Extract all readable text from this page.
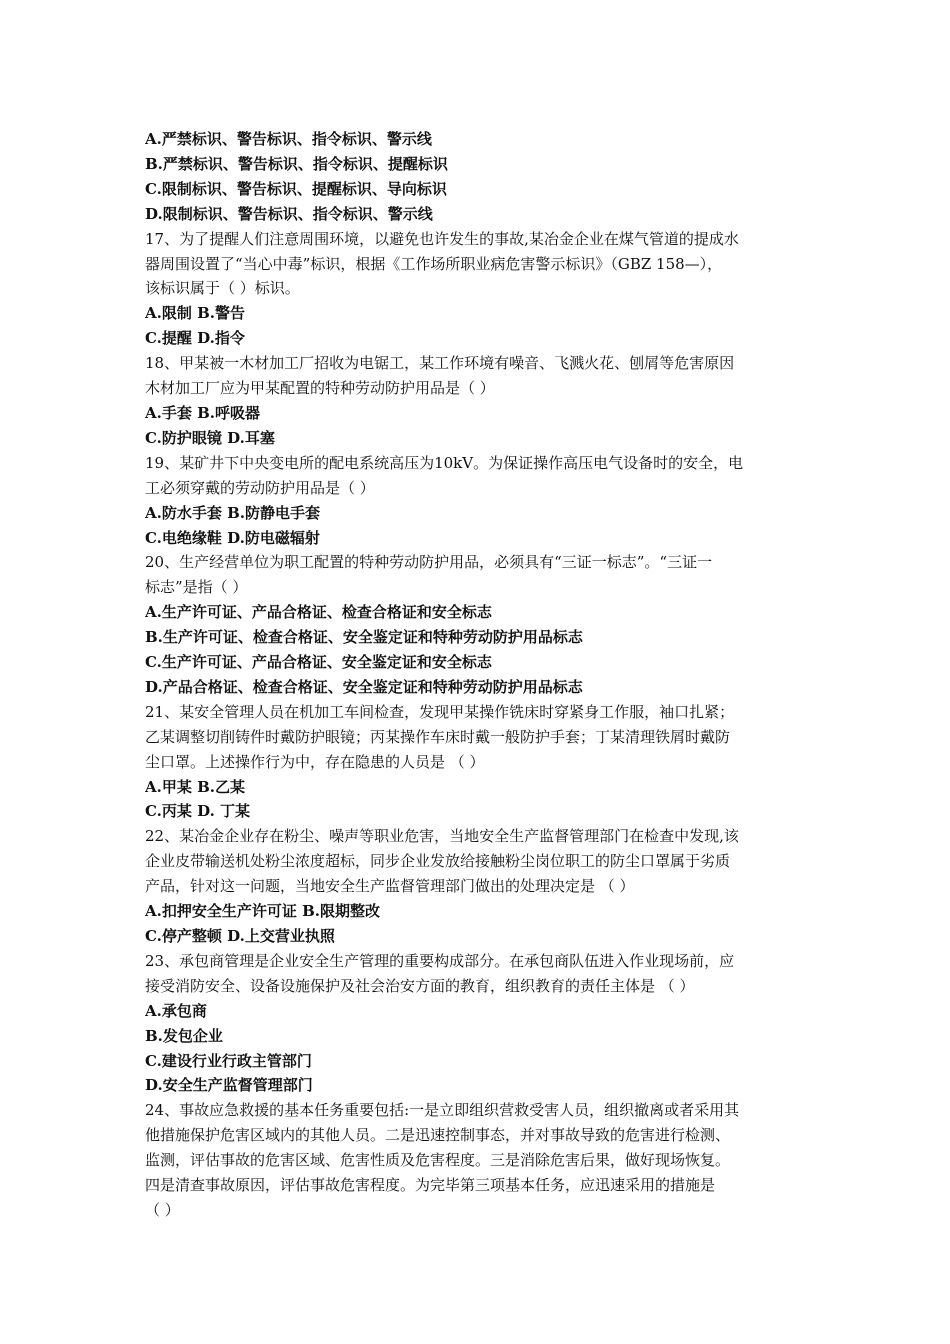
A.严禁标识、警告标识、指令标识、警示线
B.严禁标识、警告标识、指令标识、提醒标识
C.限制标识、警告标识、提醒标识、导向标识
D.限制标识、警告标识、指令标识、警示线
17、为了提醒人们注意周围环境，以避免也许发生的事故,某冶金企业在煤气管道的提成水
器周围设置了“当心中毒”标识，根据《工作场所职业病危害警示标识》（GBZ 158—），
该标识属于（ ）标识。
A.限制 B.警告
C.提醒 D.指令
18、甲某被一木材加工厂招收为电锯工，某工作环境有噪音、飞溅火花、刨屑等危害原因
木材加工厂应为甲某配置的特种劳动防护用品是（ ）
A.手套 B.呼吸器
C.防护眼镜 D.耳塞
19、某矿井下中央变电所的配电系统高压为10kV。为保证操作高压电气设备时的安全，电
工必须穿戴的劳动防护用品是（ ）
A.防水手套 B.防静电手套
C.电绝缘鞋 D.防电磁辐射
20、生产经营单位为职工配置的特种劳动防护用品，必须具有“三证一标志”。“三证一
标志”是指（ ）
A.生产许可证、产品合格证、检查合格证和安全标志
B.生产许可证、检查合格证、安全鉴定证和特种劳动防护用品标志
C.生产许可证、产品合格证、安全鉴定证和安全标志
D.产品合格证、检查合格证、安全鉴定证和特种劳动防护用品标志
21、某安全管理人员在机加工车间检查，发现甲某操作铣床时穿紧身工作服，袖口扎紧；
乙某调整切削铸件时戴防护眼镜；丙某操作车床时戴一般防护手套；丁某清理铁屑时戴防
尘口罩。上述操作行为中，存在隐患的人员是 （ ）
A.甲某 B.乙某
C.丙某 D. 丁某
22、某冶金企业存在粉尘、噪声等职业危害，当地安全生产监督管理部门在检查中发现,该
企业皮带输送机处粉尘浓度超标，同步企业发放给接触粉尘岗位职工的防尘口罩属于劣质
产品，针对这一问题，当地安全生产监督管理部门做出的处理决定是 （ ）
A.扣押安全生产许可证 B.限期整改
C.停产整顿 D.上交营业执照
23、承包商管理是企业安全生产管理的重要构成部分。在承包商队伍进入作业现场前，应
接受消防安全、设备设施保护及社会治安方面的教育，组织教育的责任主体是 （ ）
A.承包商
B.发包企业
C.建设行业行政主管部门
D.安全生产监督管理部门
24、事故应急救援的基本任务重要包括:一是立即组织营救受害人员，组织撤离或者采用其
他措施保护危害区域内的其他人员。二是迅速控制事态，并对事故导致的危害进行检测、
监测，评估事故的危害区域、危害性质及危害程度。三是消除危害后果，做好现场恢复。
四是清查事故原因，评估事故危害程度。为完毕第三项基本任务，应迅速采用的措施是
（ ）
